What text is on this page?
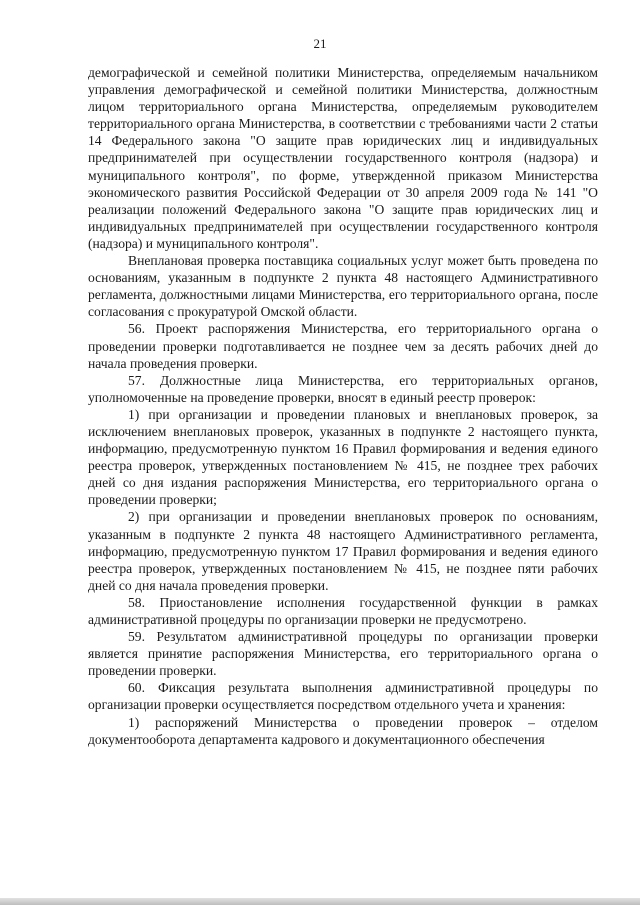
21

демографической и семейной политики Министерства, определяемым начальником управления демографической и семейной политики Министерства, должностным лицом территориального органа Министерства, определяемым руководителем территориального органа Министерства, в соответствии с требованиями части 2 статьи 14 Федерального закона "О защите прав юридических лиц и индивидуальных предпринимателей при осуществлении государственного контроля (надзора) и муниципального контроля", по форме, утвержденной приказом Министерства экономического развития Российской Федерации от 30 апреля 2009 года № 141 "О реализации положений Федерального закона "О защите прав юридических лиц и индивидуальных предпринимателей при осуществлении государственного контроля (надзора) и муниципального контроля".

Внеплановая проверка поставщика социальных услуг может быть проведена по основаниям, указанным в подпункте 2 пункта 48 настоящего Административного регламента, должностными лицами Министерства, его территориального органа, после согласования с прокуратурой Омской области.

56. Проект распоряжения Министерства, его территориального органа о проведении проверки подготавливается не позднее чем за десять рабочих дней до начала проведения проверки.

57. Должностные лица Министерства, его территориальных органов, уполномоченные на проведение проверки, вносят в единый реестр проверок:

1) при организации и проведении плановых и внеплановых проверок, за исключением внеплановых проверок, указанных в подпункте 2 настоящего пункта, информацию, предусмотренную пунктом 16 Правил формирования и ведения единого реестра проверок, утвержденных постановлением № 415, не позднее трех рабочих дней со дня издания распоряжения Министерства, его территориального органа о проведении проверки;

2) при организации и проведении внеплановых проверок по основаниям, указанным в подпункте 2 пункта 48 настоящего Административного регламента, информацию, предусмотренную пунктом 17 Правил формирования и ведения единого реестра проверок, утвержденных постановлением № 415, не позднее пяти рабочих дней со дня начала проведения проверки.

58. Приостановление исполнения государственной функции в рамках административной процедуры по организации проверки не предусмотрено.

59. Результатом административной процедуры по организации проверки является принятие распоряжения Министерства, его территориального органа о проведении проверки.

60. Фиксация результата выполнения административной процедуры по организации проверки осуществляется посредством отдельного учета и хранения:

1) распоряжений Министерства о проведении проверок – отделом документооборота департамента кадрового и документационного обеспечения
